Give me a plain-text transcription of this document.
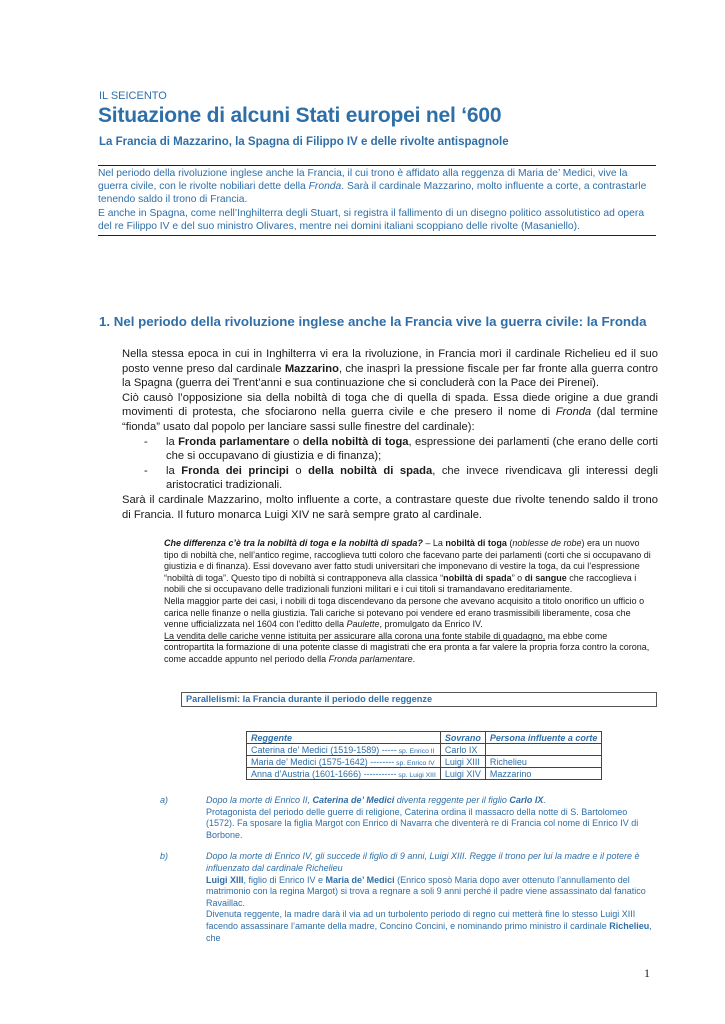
IL SEICENTO
Situazione di alcuni Stati europei nel ‘600
La Francia di Mazzarino, la Spagna di Filippo IV e delle rivolte antispagnole

Nel periodo della rivoluzione inglese anche la Francia, il cui trono è affidato alla reggenza di Maria de’ Medici, vive la guerra civile, con le rivolte nobiliari dette della Fronda. Sarà il cardinale Mazzarino, molto influente a corte, a contrastarle tenendo saldo il trono di Francia.

E anche in Spagna, come nell’Inghilterra degli Stuart, si registra il fallimento di un disegno politico assolutistico ad opera del re Filippo IV e del suo ministro Olivares, mentre nei domini italiani scoppiano delle rivolte (Masaniello).

1. Nel periodo della rivoluzione inglese anche la Francia vive la guerra civile: la Fronda

Nella stessa epoca in cui in Inghilterra vi era la rivoluzione, in Francia morì il cardinale Richelieu ed il suo posto venne preso dal cardinale Mazzarino, che inasprì la pressione fiscale per far fronte alla guerra contro la Spagna (guerra dei Trent’anni e sua continuazione che si concluderà con la Pace dei Pirenei).

Ciò causò l’opposizione sia della nobiltà di toga che di quella di spada. Essa diede origine a due grandi movimenti di protesta, che sfociarono nella guerra civile e che presero il nome di Fronda (dal termine “fionda” usato dal popolo per lanciare sassi sulle finestre del cardinale):

- la Fronda parlamentare o della nobiltà di toga, espressione dei parlamenti (che erano delle corti che si occupavano di giustizia e di finanza);

- la Fronda dei principi o della nobiltà di spada, che invece rivendicava gli interessi degli aristocratici tradizionali.

Sarà il cardinale Mazzarino, molto influente a corte, a contrastare queste due rivolte tenendo saldo il trono di Francia. Il futuro monarca Luigi XIV ne sarà sempre grato al cardinale.

Che differenza c’è tra la nobiltà di toga e la nobiltà di spada? – La nobiltà di toga (noblesse de robe) era un nuovo tipo di nobiltà che, nell’antico regime, raccoglieva tutti coloro che facevano parte dei parlamenti (corti che si occupavano di giustizia e di finanza). Essi dovevano aver fatto studi universitari che imponevano di vestire la toga, da cui l’espressione “nobiltà di toga”. Questo tipo di nobiltà si contrapponeva alla classica “nobiltà di spada” o di sangue che raccoglieva i nobili che si occupavano delle tradizionali funzioni militari e i cui titoli si tramandavano ereditariamente.

Nella maggior parte dei casi, i nobili di toga discendevano da persone che avevano acquisito a titolo onorifico un ufficio o carica nelle finanze o nella giustizia. Tali cariche si potevano poi vendere ed erano trasmissibili liberamente, cosa che venne ufficializzata nel 1604 con l’editto della Paulette, promulgato da Enrico IV.

La vendita delle cariche venne istituita per assicurare alla corona una fonte stabile di guadagno, ma ebbe come contropartita la formazione di una potente classe di magistrati che era pronta a far valere la propria forza contro la corona, come accadde appunto nel periodo della Fronda parlamentare.

Parallelismi: la Francia durante il periodo delle reggenze
Reggente	Sovrano	Persona influente a corte
Caterina de’ Medici (1519-1589) ----- sp. Enrico II	Carlo IX	
Maria de’ Medici (1575-1642) -------- sp. Enrico IV	Luigi XIII	Richelieu
Anna d’Austria (1601-1666) ----------- sp. Luigi XIII	Luigi XIV	Mazzarino
a)	Dopo la morte di Enrico II, Caterina de’ Medici diventa reggente per il figlio Carlo IX.

Protagonista del periodo delle guerre di religione, Caterina ordina il massacro della notte di S. Bartolomeo (1572). Fa sposare la figlia Margot con Enrico di Navarra che diventerà re di Francia col nome di Enrico IV di Borbone.

b)	Dopo la morte di Enrico IV, gli succede il figlio di 9 anni, Luigi XIII. Regge il trono per lui la madre e il potere è influenzato dal cardinale Richelieu

Luigi XIII, figlio di Enrico IV e Maria de’ Medici (Enrico sposò Maria dopo aver ottenuto l’annullamento del matrimonio con la regina Margot) si trova a regnare a soli 9 anni perché il padre viene assassinato dal fanatico Ravaillac.

Divenuta reggente, la madre darà il via ad un turbolento periodo di regno cui metterà fine lo stesso Luigi XIII facendo assassinare l’amante della madre, Concino Concini, e nominando primo ministro il cardinale Richelieu, che

1
